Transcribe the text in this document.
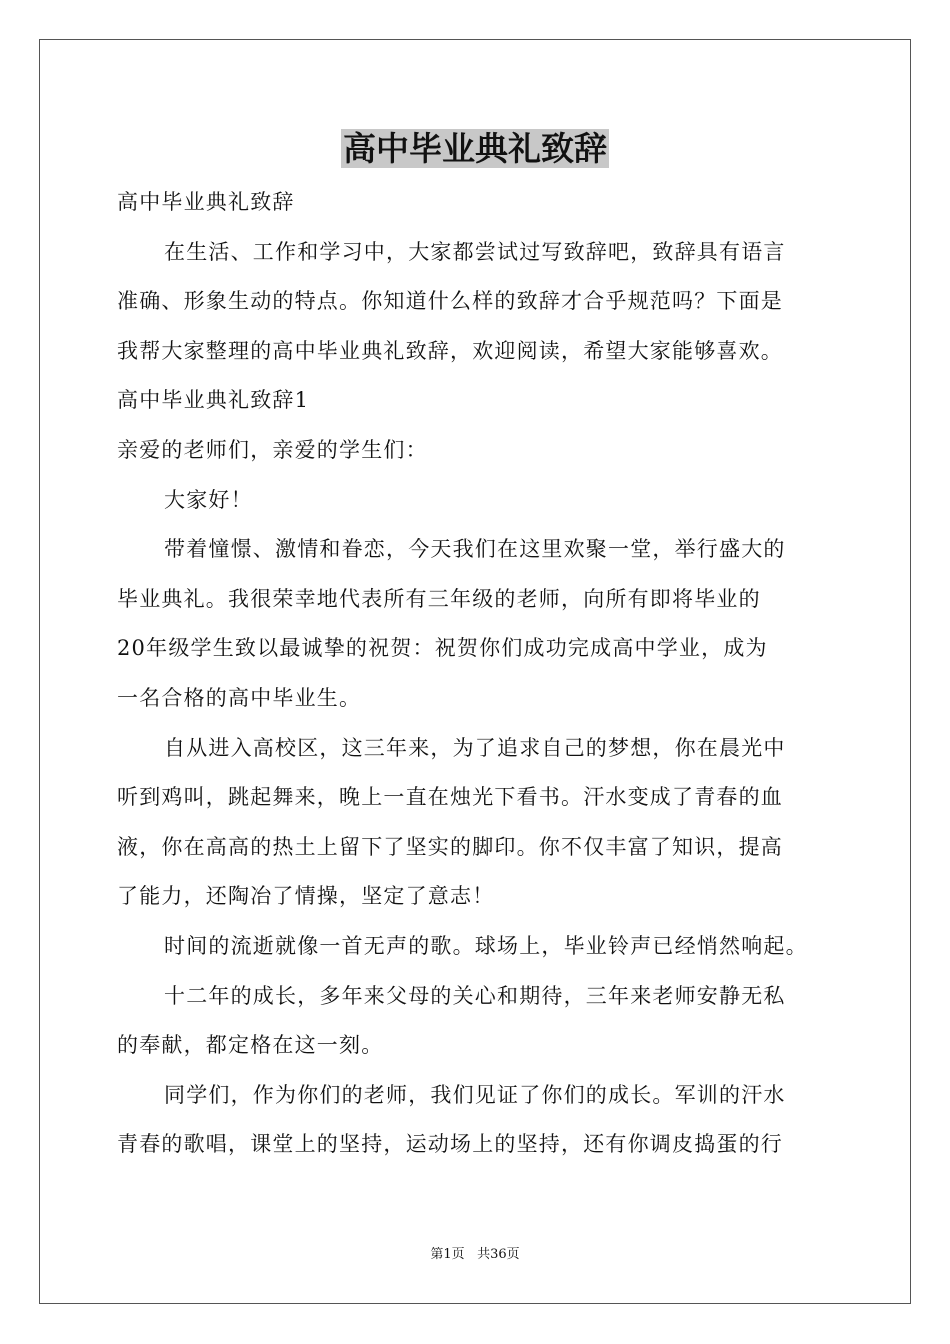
高中毕业典礼致辞

高中毕业典礼致辞

在生活、工作和学习中，大家都尝试过写致辞吧，致辞具有语言

准确、形象生动的特点。你知道什么样的致辞才合乎规范吗？下面是

我帮大家整理的高中毕业典礼致辞，欢迎阅读，希望大家能够喜欢。

高中毕业典礼致辞1

亲爱的老师们，亲爱的学生们：

大家好！

带着憧憬、激情和眷恋，今天我们在这里欢聚一堂，举行盛大的

毕业典礼。我很荣幸地代表所有三年级的老师，向所有即将毕业的

20年级学生致以最诚挚的祝贺：祝贺你们成功完成高中学业，成为

一名合格的高中毕业生。

自从进入高校区，这三年来，为了追求自己的梦想，你在晨光中

听到鸡叫，跳起舞来，晚上一直在烛光下看书。汗水变成了青春的血

液，你在高高的热土上留下了坚实的脚印。你不仅丰富了知识，提高

了能力，还陶冶了情操，坚定了意志！

时间的流逝就像一首无声的歌。球场上，毕业铃声已经悄然响起。

十二年的成长，多年来父母的关心和期待，三年来老师安静无私

的奉献，都定格在这一刻。

同学们，作为你们的老师，我们见证了你们的成长。军训的汗水

青春的歌唱，课堂上的坚持，运动场上的坚持，还有你调皮捣蛋的行

第1页 共36页
